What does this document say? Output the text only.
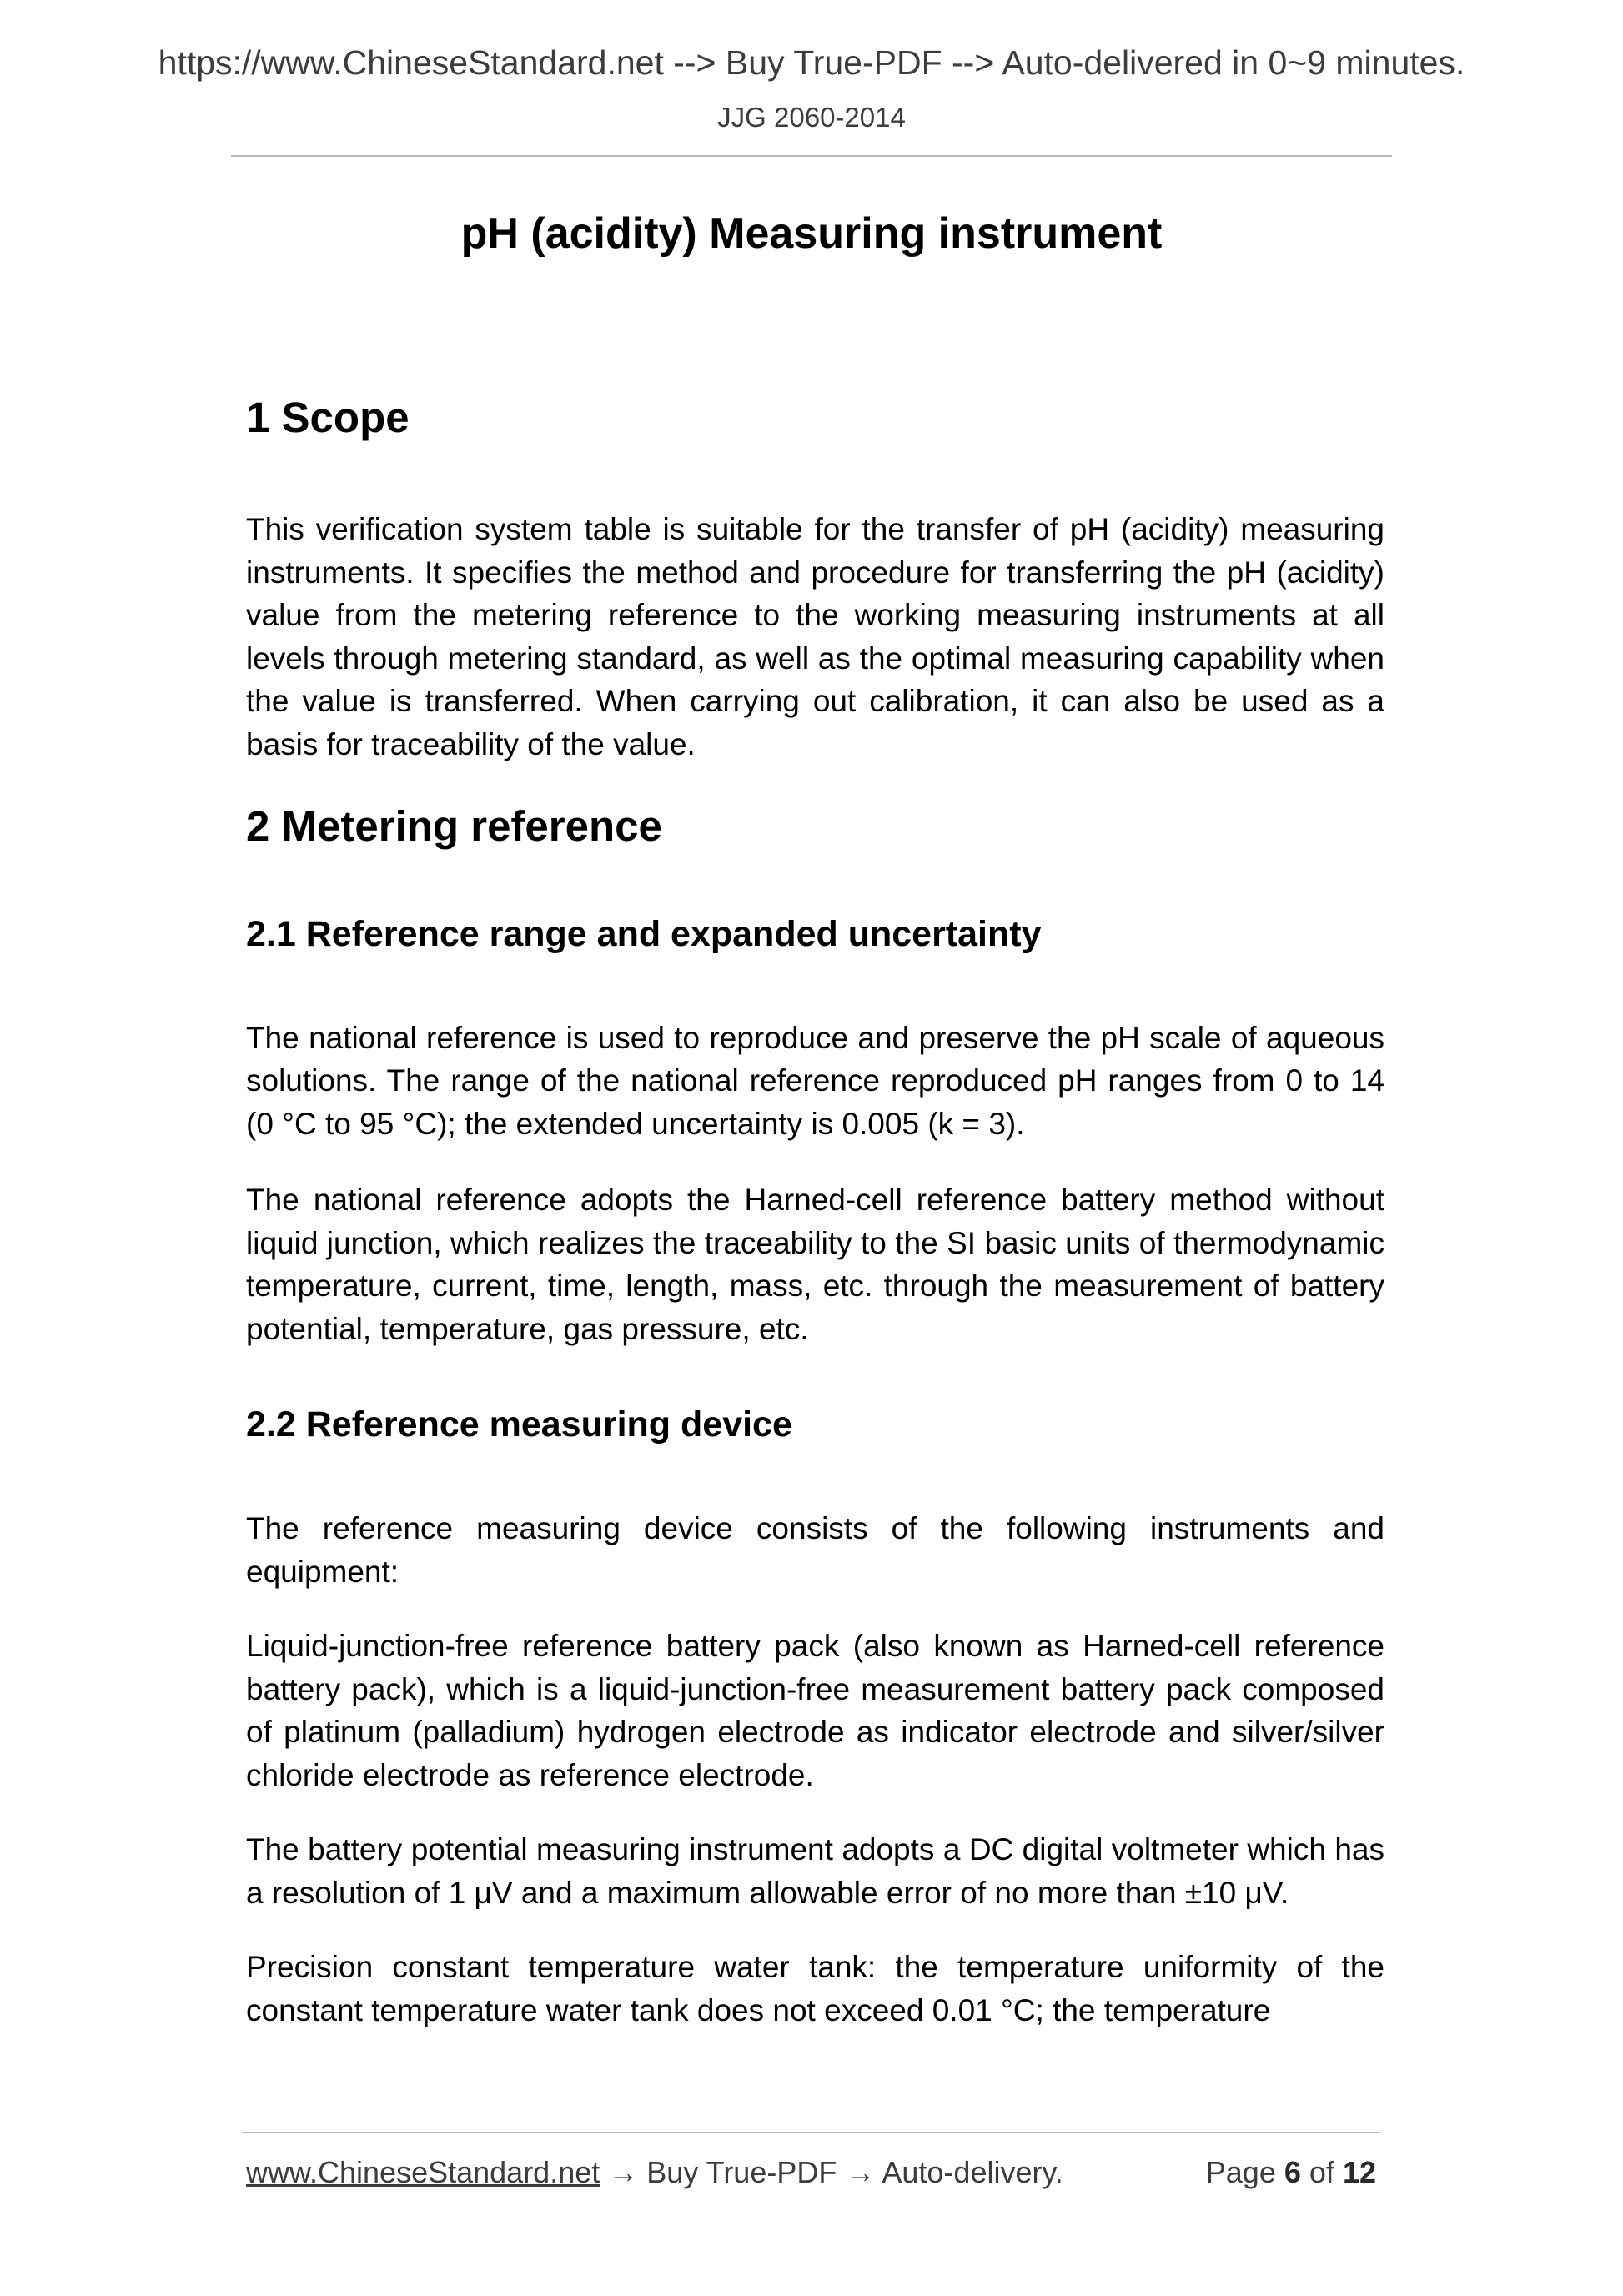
https://www.ChineseStandard.net --> Buy True-PDF --> Auto-delivered in 0~9 minutes.
JJG 2060-2014
pH (acidity) Measuring instrument
1 Scope

This verification system table is suitable for the transfer of pH (acidity) measuring instruments. It specifies the method and procedure for transferring the pH (acidity) value from the metering reference to the working measuring instruments at all levels through metering standard, as well as the optimal measuring capability when the value is transferred. When carrying out calibration, it can also be used as a basis for traceability of the value.

2 Metering reference
2.1 Reference range and expanded uncertainty

The national reference is used to reproduce and preserve the pH scale of aqueous solutions. The range of the national reference reproduced pH ranges from 0 to 14 (0 °C to 95 °C); the extended uncertainty is 0.005 (k = 3).

The national reference adopts the Harned-cell reference battery method without liquid junction, which realizes the traceability to the SI basic units of thermodynamic temperature, current, time, length, mass, etc. through the measurement of battery potential, temperature, gas pressure, etc.

2.2 Reference measuring device

The reference measuring device consists of the following instruments and equipment:

Liquid-junction-free reference battery pack (also known as Harned-cell reference battery pack), which is a liquid-junction-free measurement battery pack composed of platinum (palladium) hydrogen electrode as indicator electrode and silver/silver chloride electrode as reference electrode.

The battery potential measuring instrument adopts a DC digital voltmeter which has a resolution of 1 μV and a maximum allowable error of no more than ±10 μV.

Precision constant temperature water tank: the temperature uniformity of the constant temperature water tank does not exceed 0.01 °C; the temperature

www.ChineseStandard.net → Buy True-PDF → Auto-delivery.	Page 6 of 12
